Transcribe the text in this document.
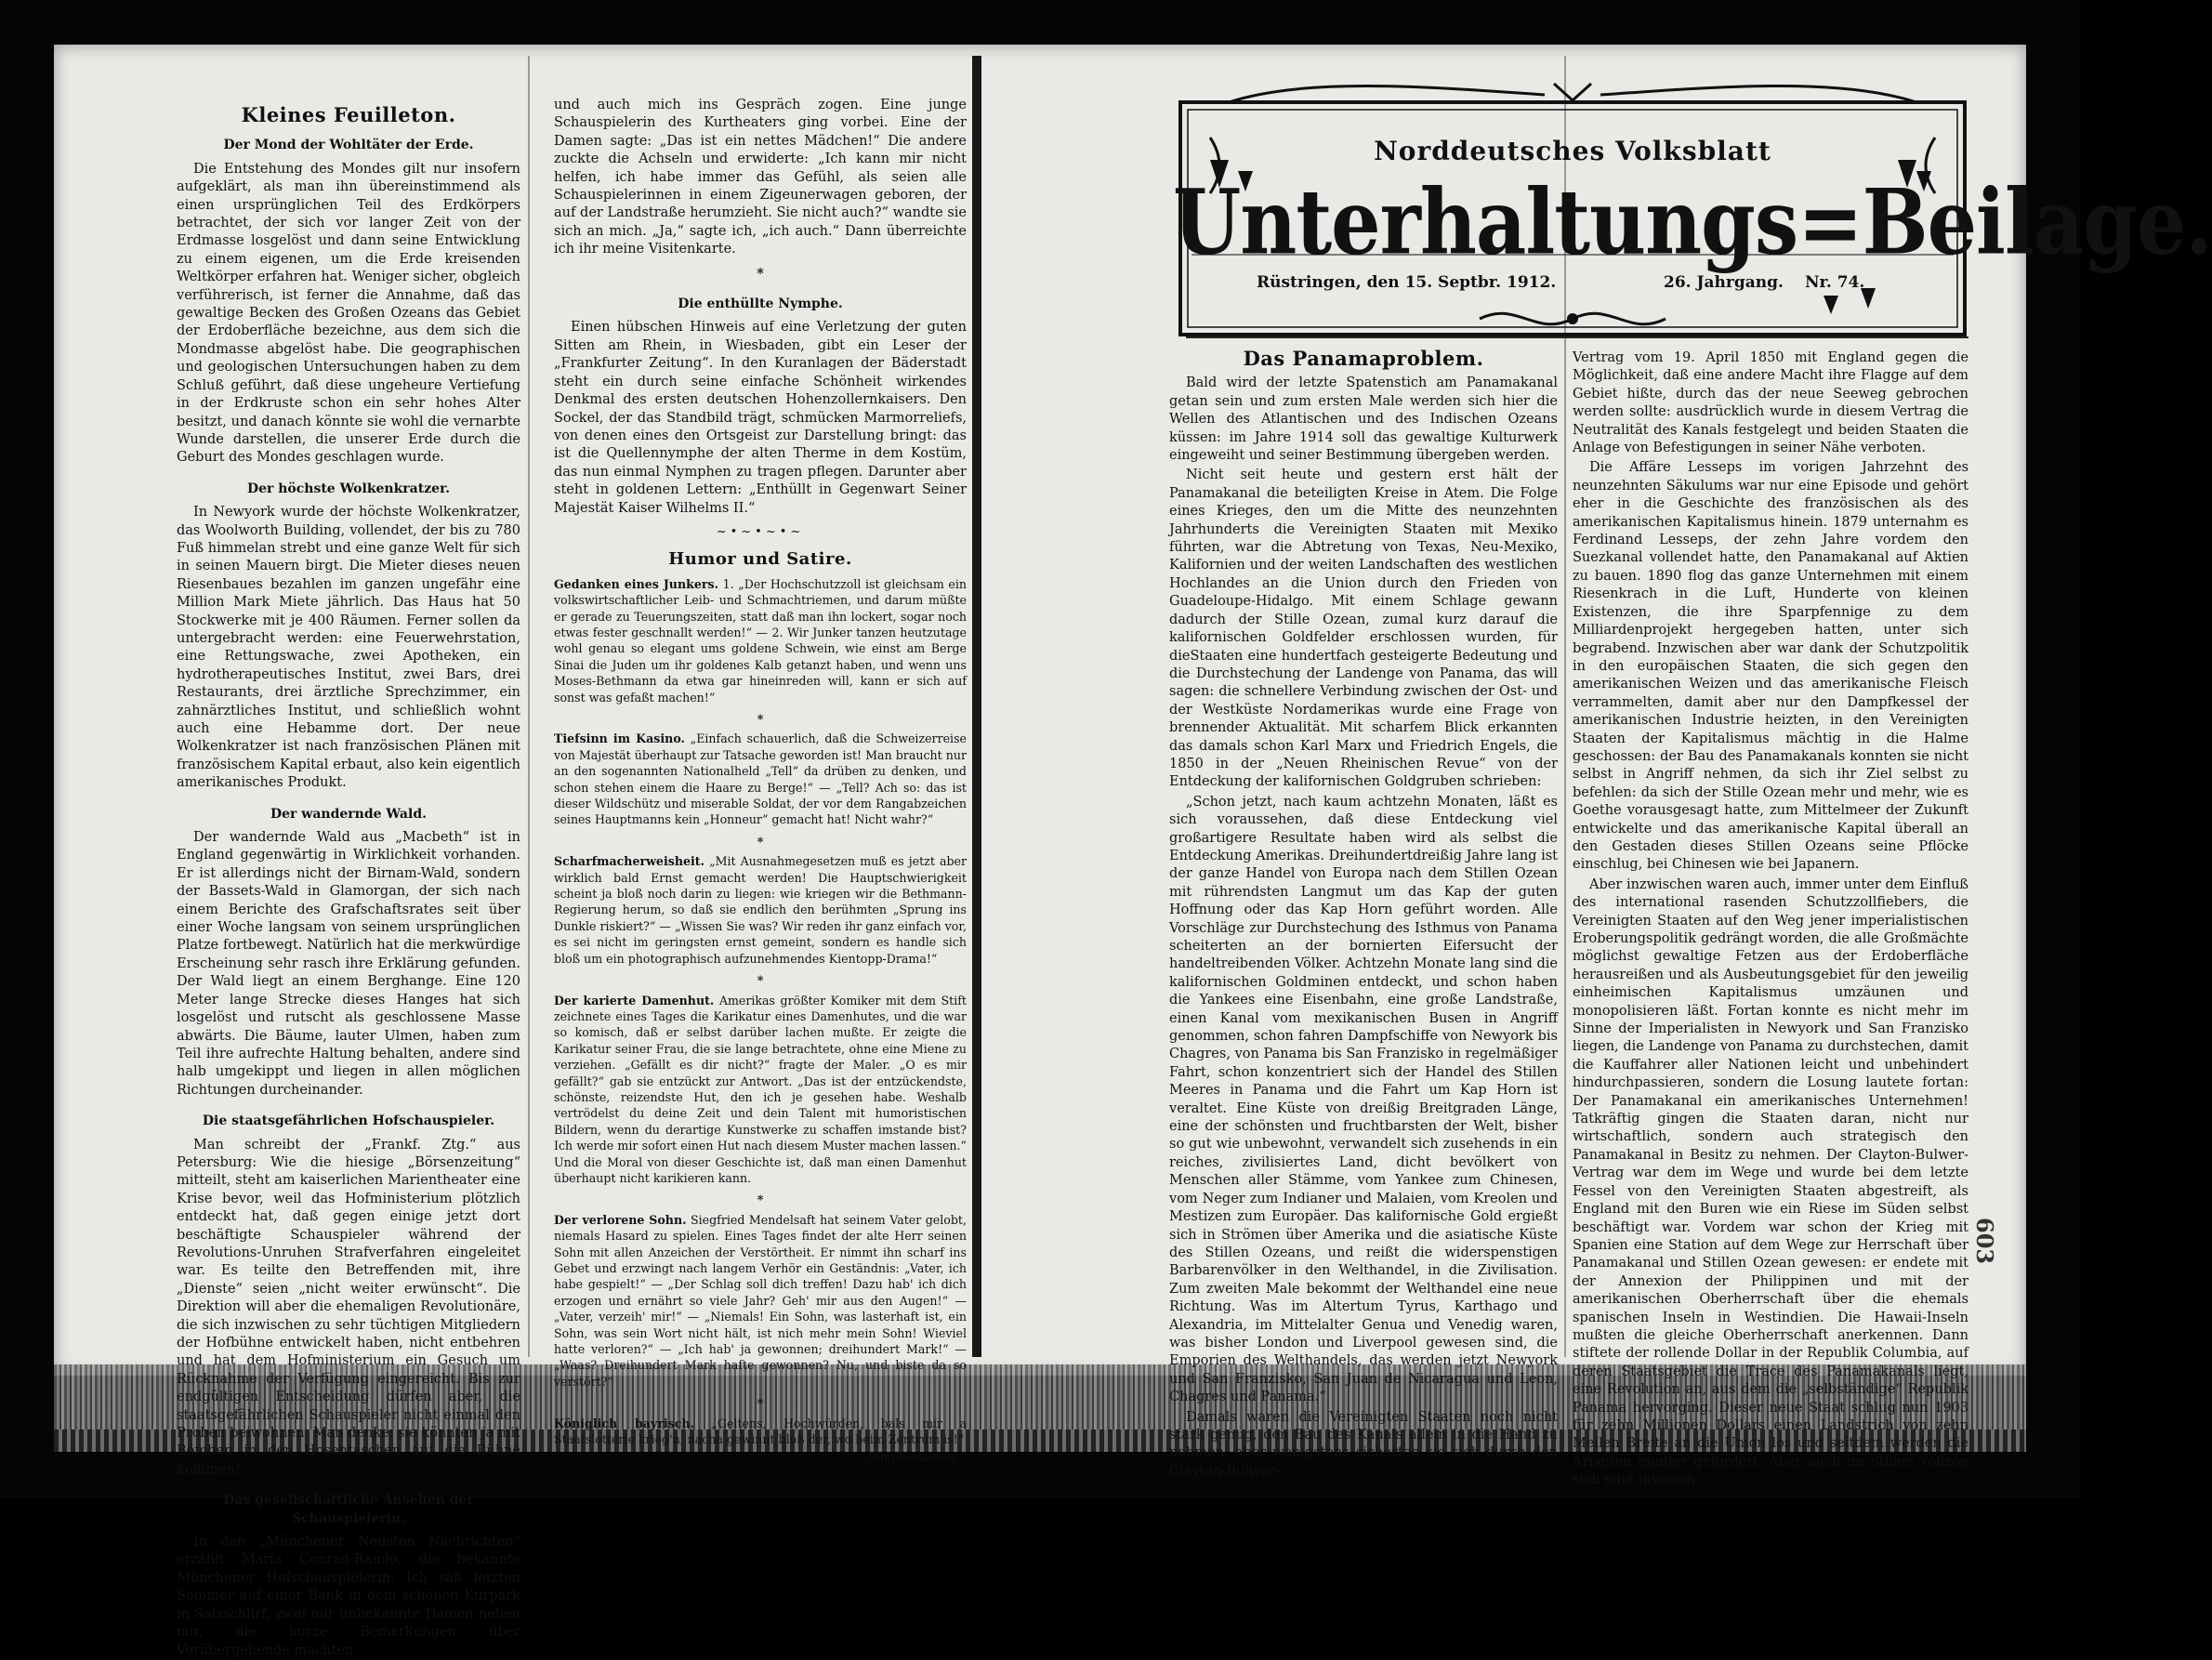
Norddeutsches Volksblatt
Unterhaltungs=Beilage.
Rüstringen, den 15. Septbr. 1912.	26. Jahrgang. Nr. 74.
Kleines Feuilleton.
Der Mond der Wohltäter der Erde.

Die Entstehung des Mondes gilt nur insofern aufgeklärt, als man ihn übereinstimmend als einen ursprünglichen Teil des Erdkörpers betrachtet, der sich vor langer Zeit von der Erdmasse losgelöst und dann seine Entwicklung zu einem eigenen, um die Erde kreisenden Weltkörper erfahren hat. Weniger sicher, obgleich verführerisch, ist ferner die Annahme, daß das gewaltige Becken des Großen Ozeans das Gebiet der Erdoberfläche bezeichne, aus dem sich die Mondmasse abgelöst habe. Die geographischen und geologischen Untersuchungen haben zu dem Schluß geführt, daß diese ungeheure Vertiefung in der Erdkruste schon ein sehr hohes Alter besitzt, und danach könnte sie wohl die vernarbte Wunde darstellen, die unserer Erde durch die Geburt des Mondes geschlagen wurde.

Der höchste Wolkenkratzer.

In Newyork wurde der höchste Wolkenkratzer, das Woolworth Building, vollendet, der bis zu 780 Fuß himmelan strebt und eine ganze Welt für sich in seinen Mauern birgt. Die Mieter dieses neuen Riesenbaues bezahlen im ganzen ungefähr eine Million Mark Miete jährlich. Das Haus hat 50 Stockwerke mit je 400 Räumen. Ferner sollen da untergebracht werden: eine Feuerwehrstation, eine Rettungswache, zwei Apotheken, ein hydrotherapeutisches Institut, zwei Bars, drei Restaurants, drei ärztliche Sprechzimmer, ein zahnärztliches Institut, und schließlich wohnt auch eine Hebamme dort. Der neue Wolkenkratzer ist nach französischen Plänen mit französischem Kapital erbaut, also kein eigentlich amerikanisches Produkt.

Der wandernde Wald.

Der wandernde Wald aus „Macbeth“ ist in England gegenwärtig in Wirklichkeit vorhanden. Er ist allerdings nicht der Birnam-Wald, sondern der Bassets-Wald in Glamorgan, der sich nach einem Berichte des Grafschaftsrates seit über einer Woche langsam von seinem ursprünglichen Platze fortbewegt. Natürlich hat die merkwürdige Erscheinung sehr rasch ihre Erklärung gefunden. Der Wald liegt an einem Berghange. Eine 120 Meter lange Strecke dieses Hanges hat sich losgelöst und rutscht als geschlossene Masse abwärts. Die Bäume, lauter Ulmen, haben zum Teil ihre aufrechte Haltung behalten, andere sind halb umgekippt und liegen in allen möglichen Richtungen durcheinander.

Die staatsgefährlichen Hofschauspieler.

Man schreibt der „Frankf. Ztg.“ aus Petersburg: Wie die hiesige „Börsenzeitung“ mitteilt, steht am kaiserlichen Marientheater eine Krise bevor, weil das Hofministerium plötzlich entdeckt hat, daß gegen einige jetzt dort beschäftigte Schauspieler während der Revolutions-Unruhen Strafverfahren eingeleitet war. Es teilte den Betreffenden mit, ihre „Dienste“ seien „nicht weiter erwünscht“. Die Direktion will aber die ehemaligen Revolutionäre, die sich inzwischen zu sehr tüchtigen Mitgliedern der Hofbühne entwickelt haben, nicht entbehren und hat dem Hofministerium ein Gesuch um Rücknahme der Verfügung eingereicht. Bis zur endgültigen Entscheidung dürfen aber, die staatsgefährlichen Schauspieler nicht einmal den Proben beiwohnen. Man denke: sie könnten ja mit Bomben in den Hosentaschen auf die Bühne kommen!

Das gesellschaftliche Ansehen der Schauspielerin.

In den „Münchener Neusten Nachrichten“ erzählt Maria Conrad-Ramlo, die bekannte Münchener Hofschauspielerin: Ich saß letzten Sommer auf einer Bank in dem schönen Kurpark in Salzschlirf, zwei mir unbekannte Damen neben mir, die kurze Bemerkungen über Vorübergehende machten

und auch mich ins Gespräch zogen. Eine junge Schauspielerin des Kurtheaters ging vorbei. Eine der Damen sagte: „Das ist ein nettes Mädchen!“ Die andere zuckte die Achseln und erwiderte: „Ich kann mir nicht helfen, ich habe immer das Gefühl, als seien alle Schauspielerinnen in einem Zigeunerwagen geboren, der auf der Landstraße herumzieht. Sie nicht auch?“ wandte sie sich an mich. „Ja,“ sagte ich, „ich auch.“ Dann überreichte ich ihr meine Visitenkarte.

*
Die enthüllte Nymphe.

Einen hübschen Hinweis auf eine Verletzung der guten Sitten am Rhein, in Wiesbaden, gibt ein Leser der „Frankfurter Zeitung“. In den Kuranlagen der Bäderstadt steht ein durch seine einfache Schönheit wirkendes Denkmal des ersten deutschen Hohenzollernkaisers. Den Sockel, der das Standbild trägt, schmücken Marmorreliefs, von denen eines den Ortsgeist zur Darstellung bringt: das ist die Quellennymphe der alten Therme in dem Kostüm, das nun einmal Nymphen zu tragen pflegen. Darunter aber steht in goldenen Lettern: „Enthüllt in Gegenwart Seiner Majestät Kaiser Wilhelms II.“

~•~•~•~
Humor und Satire.

Gedanken eines Junkers. 1. „Der Hochschutzzoll ist gleichsam ein volkswirtschaftlicher Leib- und Schmachtriemen, und darum müßte er gerade zu Teuerungszeiten, statt daß man ihn lockert, sogar noch etwas fester geschnallt werden!“ — 2. Wir Junker tanzen heutzutage wohl genau so elegant ums goldene Schwein, wie einst am Berge Sinai die Juden um ihr goldenes Kalb getanzt haben, und wenn uns Moses-Bethmann da etwa gar hineinreden will, kann er sich auf sonst was gefaßt machen!“

*

Tiefsinn im Kasino. „Einfach schauerlich, daß die Schweizerreise von Majestät überhaupt zur Tatsache geworden ist! Man braucht nur an den sogenannten Nationalheld „Tell“ da drüben zu denken, und schon stehen einem die Haare zu Berge!“ — „Tell? Ach so: das ist dieser Wildschütz und miserable Soldat, der vor dem Rangabzeichen seines Hauptmanns kein „Honneur“ gemacht hat! Nicht wahr?“

*

Scharfmacherweisheit. „Mit Ausnahmegesetzen muß es jetzt aber wirklich bald Ernst gemacht werden! Die Hauptschwierigkeit scheint ja bloß noch darin zu liegen: wie kriegen wir die Bethmann-Regierung herum, so daß sie endlich den berühmten „Sprung ins Dunkle riskiert?“ — „Wissen Sie was? Wir reden ihr ganz einfach vor, es sei nicht im geringsten ernst gemeint, sondern es handle sich bloß um ein photographisch aufzunehmendes Kientopp-Drama!“

*

Der karierte Damenhut. Amerikas größter Komiker mit dem Stift zeichnete eines Tages die Karikatur eines Damenhutes, und die war so komisch, daß er selbst darüber lachen mußte. Er zeigte die Karikatur seiner Frau, die sie lange betrachtete, ohne eine Miene zu verziehen. „Gefällt es dir nicht?“ fragte der Maler. „O es mir gefällt?“ gab sie entzückt zur Antwort. „Das ist der entzückendste, schönste, reizendste Hut, den ich je gesehen habe. Weshalb vertrödelst du deine Zeit und dein Talent mit humoristischen Bildern, wenn du derartige Kunstwerke zu schaffen imstande bist? Ich werde mir sofort einen Hut nach diesem Muster machen lassen.“ Und die Moral von dieser Geschichte ist, daß man einen Damenhut überhaupt nicht karikieren kann.

*

Der verlorene Sohn. Siegfried Mendelsaft hat seinem Vater gelobt, niemals Hasard zu spielen. Eines Tages findet der alte Herr seinen Sohn mit allen Anzeichen der Verstörtheit. Er nimmt ihn scharf ins Gebet und erzwingt nach langem Verhör ein Geständnis: „Vater, ich habe gespielt!“ — „Der Schlag soll dich treffen! Dazu hab' ich dich erzogen und ernährt so viele Jahr? Geh' mir aus den Augen!“ — „Vater, verzeih' mir!“ — „Niemals! Ein Sohn, was lasterhaft ist, ein Sohn, was sein Wort nicht hält, ist nich mehr mein Sohn! Wieviel hatte verloren?“ — „Ich hab' ja gewonnen; dreihundert Mark!“ — „Waas? Dreihundert Mark hafte gewonnen? Nu, und biste da so verstört?“

*

Königlich bayrisch. „Geltens, Hochwürden, bals mir a Staatslotterie krieg'n, nacha gewinnt bloß der, wo beim Zentrum is!“

„Simplicissimus.“

Das Panamaproblem.

Bald wird der letzte Spatenstich am Panamakanal getan sein und zum ersten Male werden sich hier die Wellen des Atlantischen und des Indischen Ozeans küssen: im Jahre 1914 soll das gewaltige Kulturwerk eingeweiht und seiner Bestimmung übergeben werden.

Nicht seit heute und gestern erst hält der Panamakanal die beteiligten Kreise in Atem. Die Folge eines Krieges, den um die Mitte des neunzehnten Jahrhunderts die Vereinigten Staaten mit Mexiko führten, war die Abtretung von Texas, Neu-Mexiko, Kalifornien und der weiten Landschaften des westlichen Hochlandes an die Union durch den Frieden von Guadeloupe-Hidalgo. Mit einem Schlage gewann dadurch der Stille Ozean, zumal kurz darauf die kalifornischen Goldfelder erschlossen wurden, für dieStaaten eine hundertfach gesteigerte Bedeutung und die Durchstechung der Landenge von Panama, das will sagen: die schnellere Verbindung zwischen der Ost- und der Westküste Nordamerikas wurde eine Frage von brennender Aktualität. Mit scharfem Blick erkannten das damals schon Karl Marx und Friedrich Engels, die 1850 in der „Neuen Rheinischen Revue“ von der Entdeckung der kalifornischen Goldgruben schrieben:

„Schon jetzt, nach kaum achtzehn Monaten, läßt es sich voraussehen, daß diese Entdeckung viel großartigere Resultate haben wird als selbst die Entdeckung Amerikas. Dreihundertdreißig Jahre lang ist der ganze Handel von Europa nach dem Stillen Ozean mit rührendsten Langmut um das Kap der guten Hoffnung oder das Kap Horn geführt worden. Alle Vorschläge zur Durchstechung des Isthmus von Panama scheiterten an der bornierten Eifersucht der handeltreibenden Völker. Achtzehn Monate lang sind die kalifornischen Goldminen entdeckt, und schon haben die Yankees eine Eisenbahn, eine große Landstraße, einen Kanal vom mexikanischen Busen in Angriff genommen, schon fahren Dampfschiffe von Newyork bis Chagres, von Panama bis San Franzisko in regelmäßiger Fahrt, schon konzentriert sich der Handel des Stillen Meeres in Panama und die Fahrt um Kap Horn ist veraltet. Eine Küste von dreißig Breitgraden Länge, eine der schönsten und fruchtbarsten der Welt, bisher so gut wie unbewohnt, verwandelt sich zusehends in ein reiches, zivilisiertes Land, dicht bevölkert von Menschen aller Stämme, vom Yankee zum Chinesen, vom Neger zum Indianer und Malaien, vom Kreolen und Mestizen zum Europäer. Das kalifornische Gold ergießt sich in Strömen über Amerika und die asiatische Küste des Stillen Ozeans, und reißt die widerspenstigen Barbarenvölker in den Welthandel, in die Zivilisation. Zum zweiten Male bekommt der Welthandel eine neue Richtung. Was im Altertum Tyrus, Karthago und Alexandria, im Mittelalter Genua und Venedig waren, was bisher London und Liverpool gewesen sind, die Emporien des Welthandels, das werden jetzt Newyork und San Franzisko, San Juan de Nicaragua und Leon, Chagres und Panama.“

Damals waren die Vereinigten Staaten noch nicht stark genug, den Bau des Kanals allein in die Hand zu nehmen, aber wenigstens sicherten sie sich durch den Clayton-Bulwer-

Vertrag vom 19. April 1850 mit England gegen die Möglichkeit, daß eine andere Macht ihre Flagge auf dem Gebiet hißte, durch das der neue Seeweg gebrochen werden sollte: ausdrücklich wurde in diesem Vertrag die Neutralität des Kanals festgelegt und beiden Staaten die Anlage von Befestigungen in seiner Nähe verboten.

Die Affäre Lesseps im vorigen Jahrzehnt des neunzehnten Säkulums war nur eine Episode und gehört eher in die Geschichte des französischen als des amerikanischen Kapitalismus hinein. 1879 unternahm es Ferdinand Lesseps, der zehn Jahre vordem den Suezkanal vollendet hatte, den Panamakanal auf Aktien zu bauen. 1890 flog das ganze Unternehmen mit einem Riesenkrach in die Luft, Hunderte von kleinen Existenzen, die ihre Sparpfennige zu dem Milliardenprojekt hergegeben hatten, unter sich begrabend. Inzwischen aber war dank der Schutzpolitik in den europäischen Staaten, die sich gegen den amerikanischen Weizen und das amerikanische Fleisch verrammelten, damit aber nur den Dampfkessel der amerikanischen Industrie heizten, in den Vereinigten Staaten der Kapitalismus mächtig in die Halme geschossen: der Bau des Panamakanals konnten sie nicht selbst in Angriff nehmen, da sich ihr Ziel selbst zu befehlen: da sich der Stille Ozean mehr und mehr, wie es Goethe vorausgesagt hatte, zum Mittelmeer der Zukunft entwickelte und das amerikanische Kapital überall an den Gestaden dieses Stillen Ozeans seine Pflöcke einschlug, bei Chinesen wie bei Japanern.

Aber inzwischen waren auch, immer unter dem Einfluß des international rasenden Schutzzollfiebers, die Vereinigten Staaten auf den Weg jener imperialistischen Eroberungspolitik gedrängt worden, die alle Großmächte möglichst gewaltige Fetzen aus der Erdoberfläche herausreißen und als Ausbeutungsgebiet für den jeweilig einheimischen Kapitalismus umzäunen und monopolisieren läßt. Fortan konnte es nicht mehr im Sinne der Imperialisten in Newyork und San Franzisko liegen, die Landenge von Panama zu durchstechen, damit die Kauffahrer aller Nationen leicht und unbehindert hindurchpassieren, sondern die Losung lautete fortan: Der Panamakanal ein amerikanisches Unternehmen! Tatkräftig gingen die Staaten daran, nicht nur wirtschaftlich, sondern auch strategisch den Panamakanal in Besitz zu nehmen. Der Clayton-Bulwer-Vertrag war dem im Wege und wurde bei dem letzte Fessel von den Vereinigten Staaten abgestreift, als England mit den Buren wie ein Riese im Süden selbst beschäftigt war. Vordem war schon der Krieg mit Spanien eine Station auf dem Wege zur Herrschaft über Panamakanal und Stillen Ozean gewesen: er endete mit der Annexion der Philippinen und mit der amerikanischen Oberherrschaft über die ehemals spanischen Inseln in Westindien. Die Hawaii-Inseln mußten die gleiche Oberherrschaft anerkennen. Dann stiftete der rollende Dollar in der Republik Columbia, auf deren Staatsgebiet die Trace des Panamakanals liegt, eine Revolution an, aus dem die „selbständige“ Republik Panama hervorging. Dieser neue Staat schlug nun 1903 für zehn Millionen Dollars einen Landstrich von zehn Meilen Breite an die Union los und seitdem werden die Arbeiten munter gefördert. Aber auch im Stillen vollzog sich eine Invasion,

603
